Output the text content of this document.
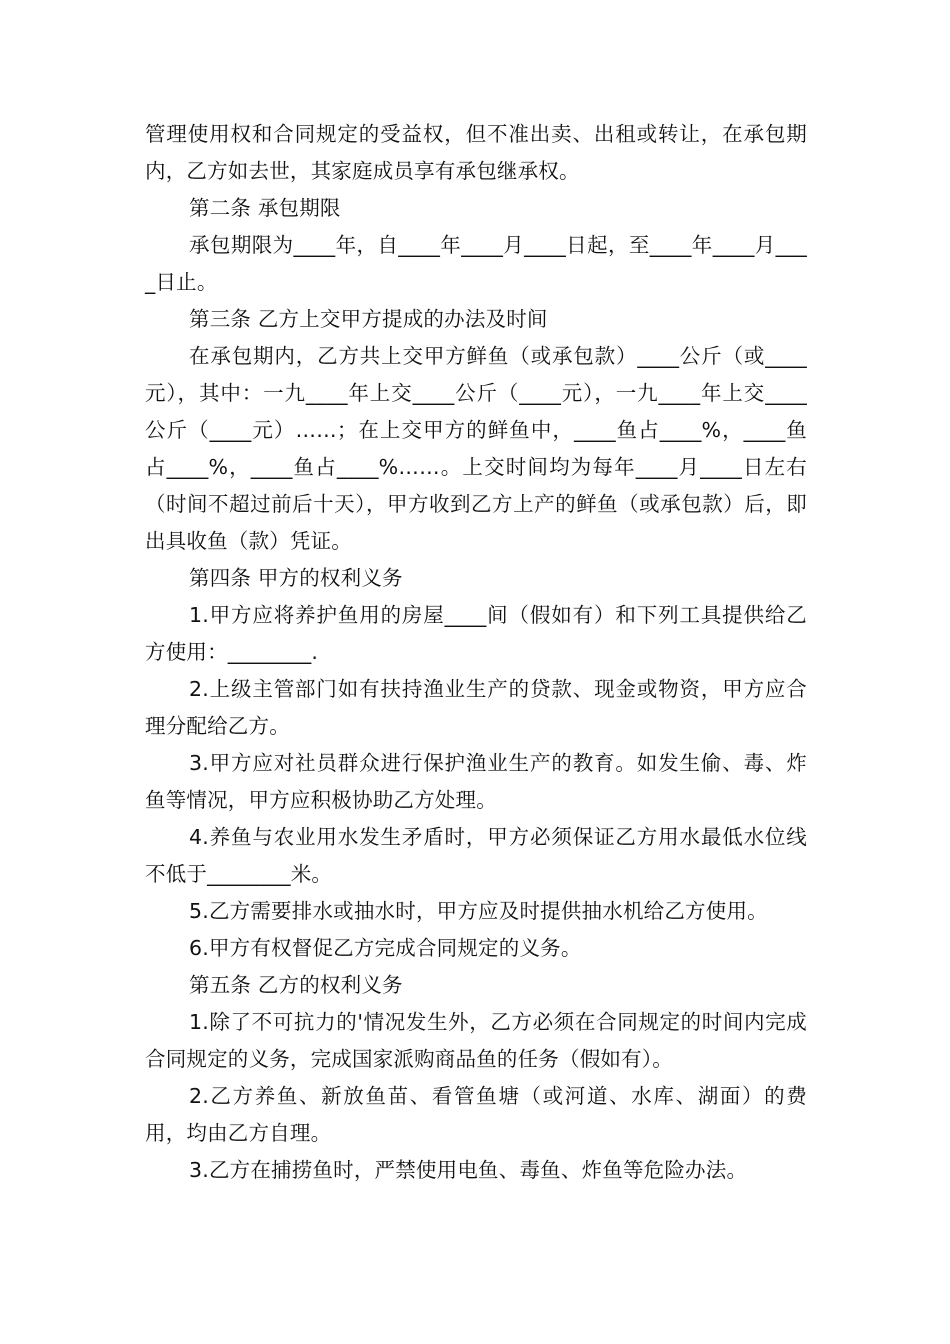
管理使用权和合同规定的受益权，但不准出卖、出租或转让，在承包期内，乙方如去世，其家庭成员享有承包继承权。

第二条 承包期限

承包期限为____年，自____年____月____日起，至____年____月____日止。

第三条 乙方上交甲方提成的办法及时间

在承包期内，乙方共上交甲方鲜鱼（或承包款）____公斤（或____元），其中：一九____年上交____公斤（____元），一九____年上交____公斤（____元）……；在上交甲方的鲜鱼中，____鱼占____%，____鱼占____%，____鱼占____%……。上交时间均为每年____月____日左右（时间不超过前后十天），甲方收到乙方上产的鲜鱼（或承包款）后，即出具收鱼（款）凭证。

第四条 甲方的权利义务

1.甲方应将养护鱼用的房屋____间（假如有）和下列工具提供给乙方使用：________.

2.上级主管部门如有扶持渔业生产的贷款、现金或物资，甲方应合理分配给乙方。

3.甲方应对社员群众进行保护渔业生产的教育。如发生偷、毒、炸鱼等情况，甲方应积极协助乙方处理。

4.养鱼与农业用水发生矛盾时，甲方必须保证乙方用水最低水位线不低于________米。

5.乙方需要排水或抽水时，甲方应及时提供抽水机给乙方使用。

6.甲方有权督促乙方完成合同规定的义务。

第五条 乙方的权利义务

1.除了不可抗力的'情况发生外，乙方必须在合同规定的时间内完成合同规定的义务，完成国家派购商品鱼的任务（假如有）。

2.乙方养鱼、新放鱼苗、看管鱼塘（或河道、水库、湖面）的费用，均由乙方自理。

3.乙方在捕捞鱼时，严禁使用电鱼、毒鱼、炸鱼等危险办法。
